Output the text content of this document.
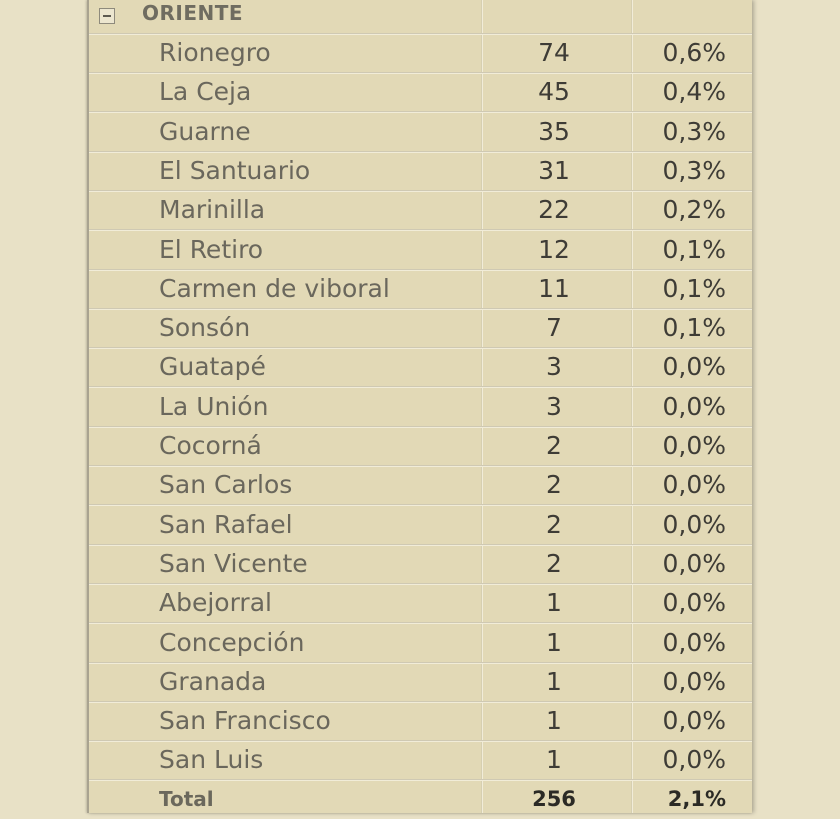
ORIENTE
Rionegro	74	0,6%
La Ceja	45	0,4%
Guarne	35	0,3%
El Santuario	31	0,3%
Marinilla	22	0,2%
El Retiro	12	0,1%
Carmen de viboral	11	0,1%
Sonsón	7	0,1%
Guatapé	3	0,0%
La Unión	3	0,0%
Cocorná	2	0,0%
San Carlos	2	0,0%
San Rafael	2	0,0%
San Vicente	2	0,0%
Abejorral	1	0,0%
Concepción	1	0,0%
Granada	1	0,0%
San Francisco	1	0,0%
San Luis	1	0,0%
Total	256	2,1%
